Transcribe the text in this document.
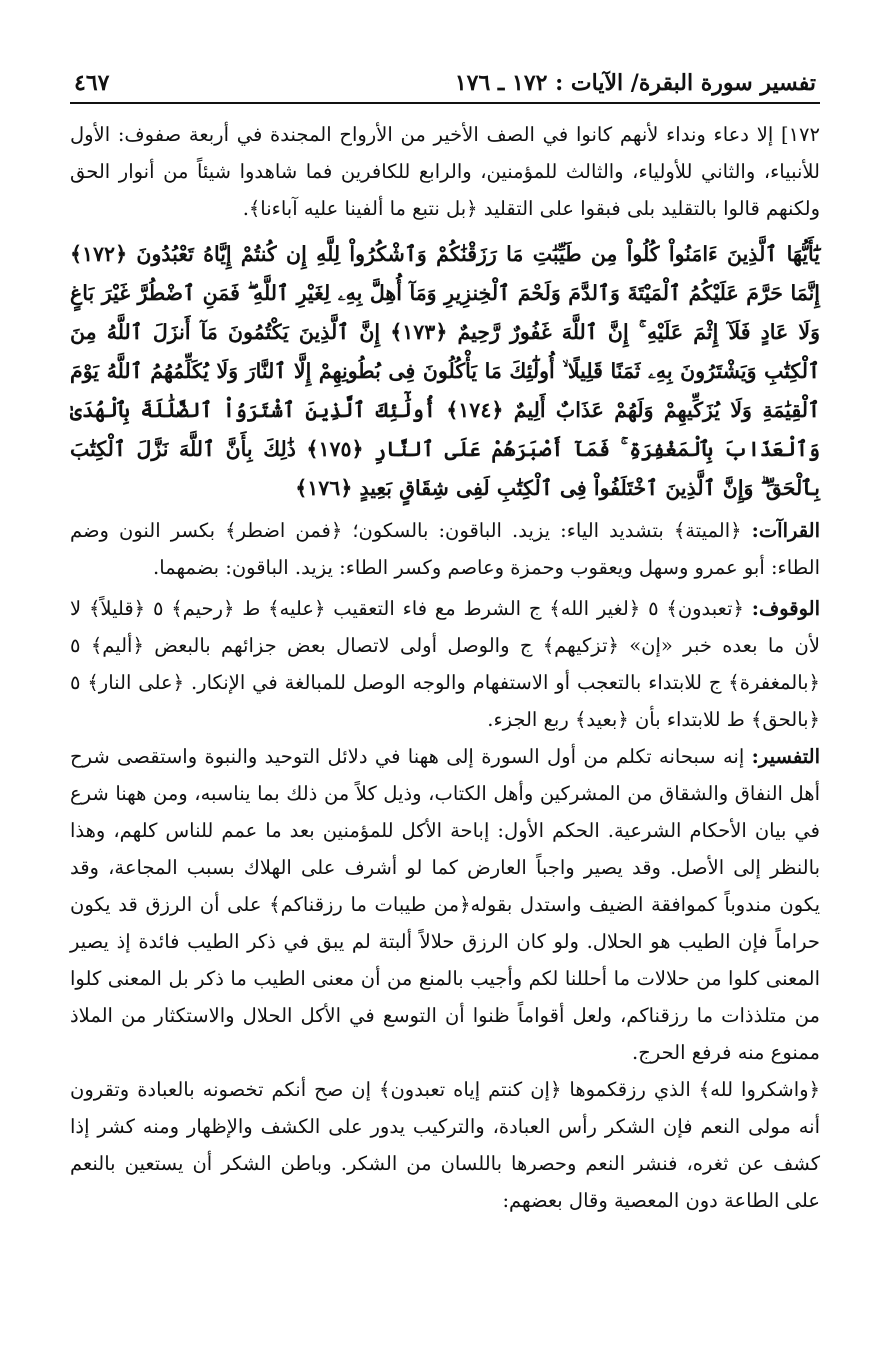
تفسير سورة البقرة/ الآيات : ١٧٢ ـ ١٧٦
٤٦٧

١٧٢] إلا دعاء ونداء لأنهم كانوا في الصف الأخير من الأرواح المجندة في أربعة صفوف: الأول للأنبياء، والثاني للأولياء، والثالث للمؤمنين، والرابع للكافرين فما شاهدوا شيئاً من أنوار الحق ولكنهم قالوا بالتقليد بلى فبقوا على التقليد ﴿بل نتبع ما ألفينا عليه آباءنا﴾.

يَٰٓأَيُّهَا ٱلَّذِينَ ءَامَنُواْ كُلُواْ مِن طَيِّبَٰتِ مَا رَزَقْنَٰكُمْ وَٱشْكُرُواْ لِلَّهِ إِن كُنتُمْ إِيَّاهُ تَعْبُدُونَ ﴿١٧٢﴾ إِنَّمَا حَرَّمَ عَلَيْكُمُ ٱلْمَيْتَةَ وَٱلدَّمَ وَلَحْمَ ٱلْخِنزِيرِ وَمَآ أُهِلَّ بِهِۦ لِغَيْرِ ٱللَّهِ ۖ فَمَنِ ٱضْطُرَّ غَيْرَ بَاغٍ وَلَا عَادٍ فَلَآ إِثْمَ عَلَيْهِ ۚ إِنَّ ٱللَّهَ غَفُورٌ رَّحِيمٌ ﴿١٧٣﴾ إِنَّ ٱلَّذِينَ يَكْتُمُونَ مَآ أَنزَلَ ٱللَّهُ مِنَ ٱلْكِتَٰبِ وَيَشْتَرُونَ بِهِۦ ثَمَنًا قَلِيلًا ۙ أُولَٰٓئِكَ مَا يَأْكُلُونَ فِى بُطُونِهِمْ إِلَّا ٱلنَّارَ وَلَا يُكَلِّمُهُمُ ٱللَّهُ يَوْمَ ٱلْقِيَٰمَةِ وَلَا يُزَكِّيهِمْ وَلَهُمْ عَذَابٌ أَلِيمٌ ﴿١٧٤﴾ أُولَٰٓئِكَ ٱلَّذِينَ ٱشْتَرَوُاْ ٱلضَّلَٰلَةَ بِٱلْهُدَىٰ وَٱلْعَذَابَ بِٱلْمَغْفِرَةِ ۚ فَمَآ أَصْبَرَهُمْ عَلَى ٱلنَّارِ ﴿١٧٥﴾ ذَٰلِكَ بِأَنَّ ٱللَّهَ نَزَّلَ ٱلْكِتَٰبَ بِٱلْحَقِّ ۗ وَإِنَّ ٱلَّذِينَ ٱخْتَلَفُواْ فِى ٱلْكِتَٰبِ لَفِى شِقَاقٍ بَعِيدٍ ﴿١٧٦﴾

القراآت: ﴿الميتة﴾ بتشديد الياء: يزيد. الباقون: بالسكون؛ ﴿فمن اضطر﴾ بكسر النون وضم الطاء: أبو عمرو وسهل ويعقوب وحمزة وعاصم وكسر الطاء: يزيد. الباقون: بضمهما.

الوقوف: ﴿تعبدون﴾ ٥ ﴿لغير الله﴾ ج الشرط مع فاء التعقيب ﴿عليه﴾ ط ﴿رحيم﴾ ٥ ﴿قليلاً﴾ لا لأن ما بعده خبر «إن» ﴿تزكيهم﴾ ج والوصل أولى لاتصال بعض جزائهم بالبعض ﴿أليم﴾ ٥ ﴿بالمغفرة﴾ ج للابتداء بالتعجب أو الاستفهام والوجه الوصل للمبالغة في الإنكار. ﴿على النار﴾ ٥ ﴿بالحق﴾ ط للابتداء بأن ﴿بعيد﴾ ربع الجزء.

التفسير: إنه سبحانه تكلم من أول السورة إلى ههنا في دلائل التوحيد والنبوة واستقصى شرح أهل النفاق والشقاق من المشركين وأهل الكتاب، وذيل كلاً من ذلك بما يناسبه، ومن ههنا شرع في بيان الأحكام الشرعية. الحكم الأول: إباحة الأكل للمؤمنين بعد ما عمم للناس كلهم، وهذا بالنظر إلى الأصل. وقد يصير واجباً العارض كما لو أشرف على الهلاك بسبب المجاعة، وقد يكون مندوباً كموافقة الضيف واستدل بقوله﴿من طيبات ما رزقناكم﴾ على أن الرزق قد يكون حراماً فإن الطيب هو الحلال. ولو كان الرزق حلالاً ألبتة لم يبق في ذكر الطيب فائدة إذ يصير المعنى كلوا من حلالات ما أحللنا لكم وأجيب بالمنع من أن معنى الطيب ما ذكر بل المعنى كلوا من متلذذات ما رزقناكم، ولعل أقواماً ظنوا أن التوسع في الأكل الحلال والاستكثار من الملاذ ممنوع منه فرفع الحرج.

﴿واشكروا لله﴾ الذي رزقكموها ﴿إن كنتم إياه تعبدون﴾ إن صح أنكم تخصونه بالعبادة وتقرون أنه مولى النعم فإن الشكر رأس العبادة، والتركيب يدور على الكشف والإظهار ومنه كشر إذا كشف عن ثغره، فنشر النعم وحصرها باللسان من الشكر. وباطن الشكر أن يستعين بالنعم على الطاعة دون المعصية وقال بعضهم:
